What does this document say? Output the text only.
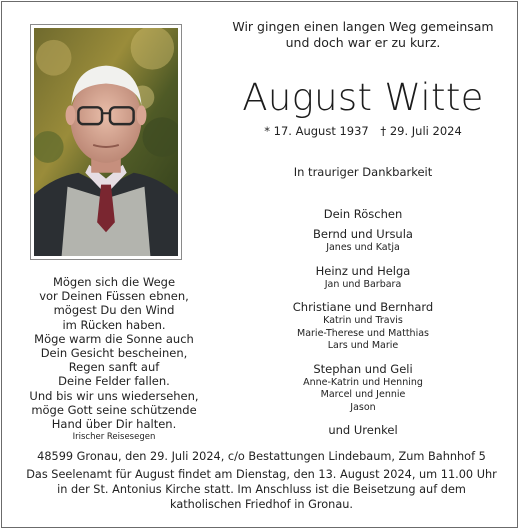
Wir gingen einen langen Weg gemeinsam
und doch war er zu kurz.
August Witte
* 17. August 1937 † 29. Juli 2024
In trauriger Dankbarkeit
Dein Röschen
Bernd und Ursula
Janes und Katja
Heinz und Helga
Jan und Barbara
Christiane und Bernhard
Katrin und Travis
Marie-Therese und Matthias
Lars und Marie
Stephan und Geli
Anne-Katrin und Henning
Marcel und Jennie
Jason
und Urenkel
Mögen sich die Wege
vor Deinen Füssen ebnen,
mögest Du den Wind
im Rücken haben.
Möge warm die Sonne auch
Dein Gesicht bescheinen,
Regen sanft auf
Deine Felder fallen.
Und bis wir uns wiedersehen,
möge Gott seine schützende
Hand über Dir halten.
Irischer Reisesegen
48599 Gronau, den 29. Juli 2024, c/o Bestattungen Lindebaum, Zum Bahnhof 5
Das Seelenamt für August findet am Dienstag, den 13. August 2024, um 11.00 Uhr
in der St. Antonius Kirche statt. Im Anschluss ist die Beisetzung auf dem
katholischen Friedhof in Gronau.
